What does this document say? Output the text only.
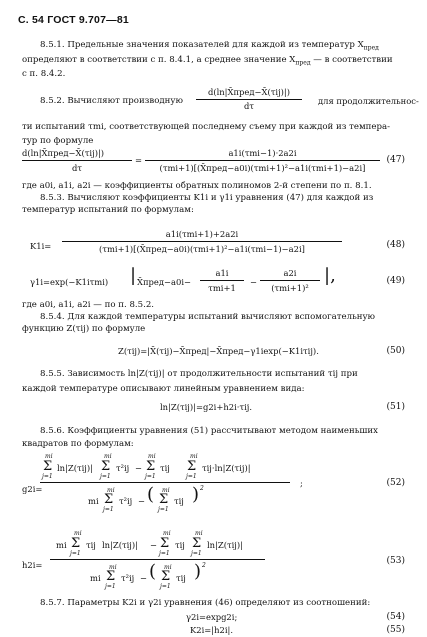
С. 54 ГОСТ 9.707—81
8.5.1. Предельные значения показателей для каждой из температур $X_{пред}$
определяют в соответствии с п. 8.4.1, а среднее значение $X_{пред}$ — в соответствии
с п. 8.4.2.
8.5.2. Вычисляют производную
d(ln|X̄пред−X̄(τij)|)
dτ	для продолжительнос-
ти испытаний τmi, соответствующей последнему съему при каждой из темпера-
тур по формуле
d(ln|X̄пред−X̄(τij)|)
dτ
=
a1i(τmi−1)·2a2i
(τmi+1)[(X̄пред−a0i)(τmi+1)²−a1i(τmi+1)−a2i]
(47)
где a0i, a1i, a2i — коэффициенты обратных полиномов 2-й степени по п. 8.1.
8.5.3. Вычисляют коэффициенты K1i и γ1i уравнения (47) для каждой из
температур испытаний по формулам:
K1i=
a1i(τmi+1)+2a2i
(τmi+1)[(X̄пред−a0i)(τmi+1)²−a1i(τmi−1)−a2i]	(48)
γ1i=exp(−K1iτmi) | X̄пред−a0i−
a1i
τmi+1
−
a2i
(τmi+1)²
|,	(49)
где a0i, a1i, a2i — по п. 8.5.2.
8.5.4. Для каждой температуры испытаний вычисляют вспомогательную
функцию Z(τij) по формуле
Z(τij)=|X̄(τij)−X̄пред|−X̄пред−γ1iexp(−K1iτij).	(50)
8.5.5. Зависимость ln|Z(τij)| от продолжительности испытаний τij при
каждой температуре описывают линейным уравнением вида:
ln|Z(τij)|=g2i+h2i·τij.	(51)
8.5.6. Коэффициенты уравнения (51) рассчитывают методом наименьших
квадратов по формулам:
g2i=
mi
Σ
j=1
ln|Z(τij)|
mi
Σ
j=1
τ²ij −
mi
Σ
j=1
τij
mi
Σ
j=1
τij·ln|Z(τij)|
mi
mi
Σ
j=1
τ²ij − ( mi
Σ
j=1
τij ) 2
;	(52)
h2i=
mi
mi
Σ
j=1
τij ln|Z(τij)| −
mi
Σ
j=1
τij
mi
Σ
j=1
ln|Z(τij)|
mi
mi
Σ
j=1
τ²ij − ( mi
Σ
j=1
τij ) 2	(53)
8.5.7. Параметры K2i и γ2i уравнения (46) определяют из соотношений:
γ2i=expg2i;	(54)
K2i=|h2i|.	(55)
